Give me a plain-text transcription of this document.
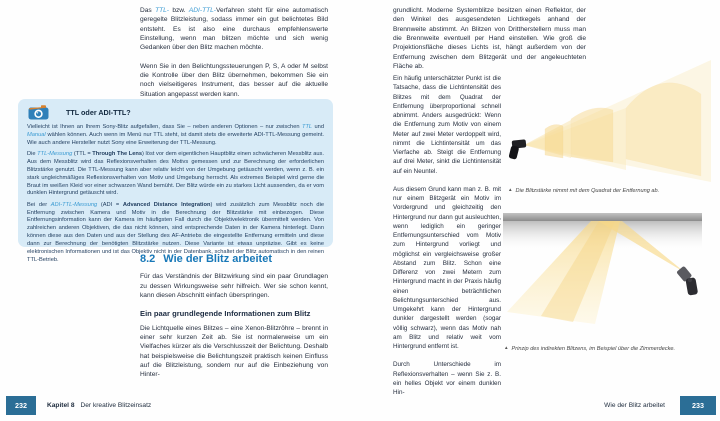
Das TTL- bzw. ADI-TTL-Verfahren steht für eine automatisch geregelte Blitzleistung, sodass immer ein gut belichtetes Bild entsteht. Es ist also eine durchaus empfehlenswerte Einstellung, wenn man blitzen möchte und sich wenig Gedanken über den Blitz machen möchte.

Wenn Sie in den Belichtungssteuerungen P, S, A oder M selbst die Kontrolle über den Blitz übernehmen, bekommen Sie ein noch vielseitigeres Instrument, das besser auf die aktuelle Situation angepasst werden kann.

TTL oder ADI-TTL?

Vielleicht ist Ihnen an Ihrem Sony-Blitz aufgefallen, dass Sie – neben anderen Optionen – nur zwischen TTL und Manual wählen können. Auch wenn im Menü nur TTL steht, ist damit stets die erweiterte ADI-TTL-Messung gemeint. Wie auch andere Hersteller nutzt Sony eine Erweiterung der TTL-Messung.

Die TTL-Messung (TTL = Through The Lens) löst vor dem eigentlichen Hauptblitz einen schwächeren Messblitz aus. Aus dem Messblitz wird das Reflexionsverhalten des Motivs gemessen und zur Berechnung der erforderlichen Blitzstärke genutzt. Die TTL-Messung kann aber relativ leicht von der Umgebung getäuscht werden, wenn z. B. ein stark ungleichmäßiges Reflexionsverhalten von Motiv und Umgebung herrscht. Als extremes Beispiel wird gerne die Braut im weißen Kleid vor einer schwarzen Wand bemüht. Der Blitz würde ein zu starkes Licht aussenden, da er vom dunklen Hintergrund getäuscht wird.

Bei der ADI-TTL-Messung (ADI = Advanced Distance Integration) wird zusätzlich zum Messblitz noch die Entfernung zwischen Kamera und Motiv in die Berechnung der Blitzstärke mit einbezogen. Diese Entfernungsinformation kann der Kamera im häufigsten Fall durch die Objektivelektronik übermittelt werden. Von zahlreichen anderen Objektiven, die das nicht können, sind entsprechende Daten in der Kamera hinterlegt. Dann können diese aus den Daten und aus der Stellung des AF-Antriebs die eingestellte Entfernung ermitteln und diese dann zur Berechnung der benötigten Blitzstärke nutzen. Diese Variante ist etwas unpräzise. Gibt es keine elektronischen Informationen und ist das Objektiv nicht in der Datenbank, schaltet der Blitz automatisch in den reinen TTL-Betrieb.	8.2 Wie der Blitz arbeitet

Für das Verständnis der Blitzwirkung sind ein paar Grundlagen zu dessen Wirkungsweise sehr hilfreich. Wer sie schon kennt, kann diesen Abschnitt einfach überspringen.

Ein paar grundlegende Informationen zum Blitz

Die Lichtquelle eines Blitzes – eine Xenon-Blitzröhre – brennt in einer sehr kurzen Zeit ab. Sie ist normalerweise um ein Vielfaches kürzer als die Verschlusszeit der Belichtung. Deshalb hat beispielsweise die Belichtungszeit praktisch keinen Einfluss auf die Blitzleistung, sondern nur auf die Einbeziehung von Hinter-

232	Kapitel 8 Der kreative Blitzeinsatz

grundlicht. Moderne Systemblitze besitzen einen Reflektor, der den Winkel des ausgesendeten Lichtkegels anhand der Brennweite abstimmt. An Blitzen von Drittherstellern muss man die Brennweite eventuell per Hand einstellen. Wie groß die Projektionsfläche dieses Lichts ist, hängt außerdem von der Entfernung zwischen dem Blitzgerät und der angeleuchteten Fläche ab.

Ein häufig unterschätzter Punkt ist die Tatsache, dass die Lichtintensität des Blitzes mit dem Quadrat der Entfernung überproportional schnell abnimmt. Anders ausgedrückt: Wenn die Entfernung zum Motiv von einem Meter auf zwei Meter verdoppelt wird, nimmt die Lichtintensität um das Vierfache ab. Steigt die Entfernung auf drei Meter, sinkt die Lichtintensität auf ein Neuntel.

Aus diesem Grund kann man z. B. mit nur einem Blitzgerät ein Motiv im Vordergrund und gleichzeitig den Hintergrund nur dann gut ausleuchten, wenn lediglich ein geringer Entfernungsunterschied vom Motiv zum Hintergrund vorliegt und möglichst ein vergleichsweise großer Abstand zum Blitz. Schon eine Differenz von zwei Metern zum Hintergrund macht in der Praxis häufig einen beträchtlichen Belichtungsunterschied aus. Umgekehrt kann der Hintergrund dunkler dargestellt werden (sogar völlig schwarz), wenn das Motiv nah am Blitz und relativ weit vom Hintergrund entfernt ist.

Durch Unterschiede im Reflexionsverhalten – wenn Sie z. B. ein helles Objekt vor einem dunklen Hin-

▲ Die Blitzstärke nimmt mit dem Quadrat der Entfernung ab.
▲ Prinzip des indirekten Blitzens, im Beispiel über die Zimmerdecke.
Wie der Blitz arbeitet	233
